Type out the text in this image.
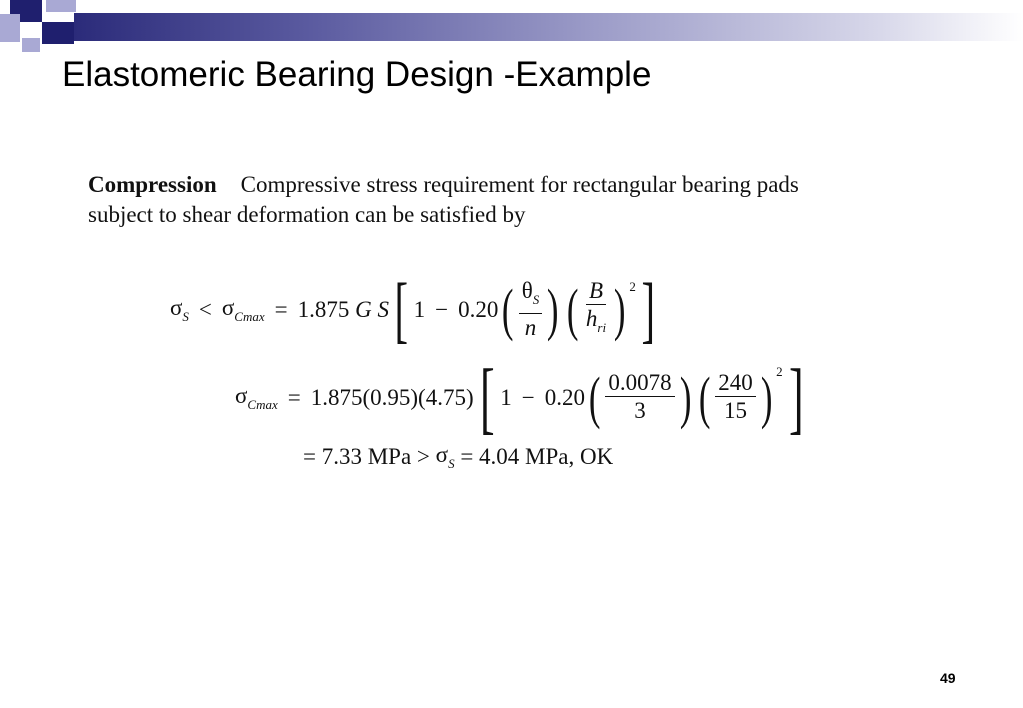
Elastomeric Bearing Design -Example
Compression Compressive stress requirement for rectangular bearing pads
subject to shear deformation can be satisfied by
$\sigma_S < \sigma_{Cmax} = 1.875$
G
S [ 1 − 0.20 ( $\frac{\theta_S}{n}$ ) ( $\frac{B}{h_{ri}}$ ) 2 ]
$\sigma_{Cmax} = 1.875(0.95)(4.75)$ [ 1 − 0.20 ( $\frac{0.0078}{3}$ ) ( $\frac{240}{15}$ ) 2 ]
= 7.33 MPa >
$\sigma_S$
= 4.04 MPa, OK
49
